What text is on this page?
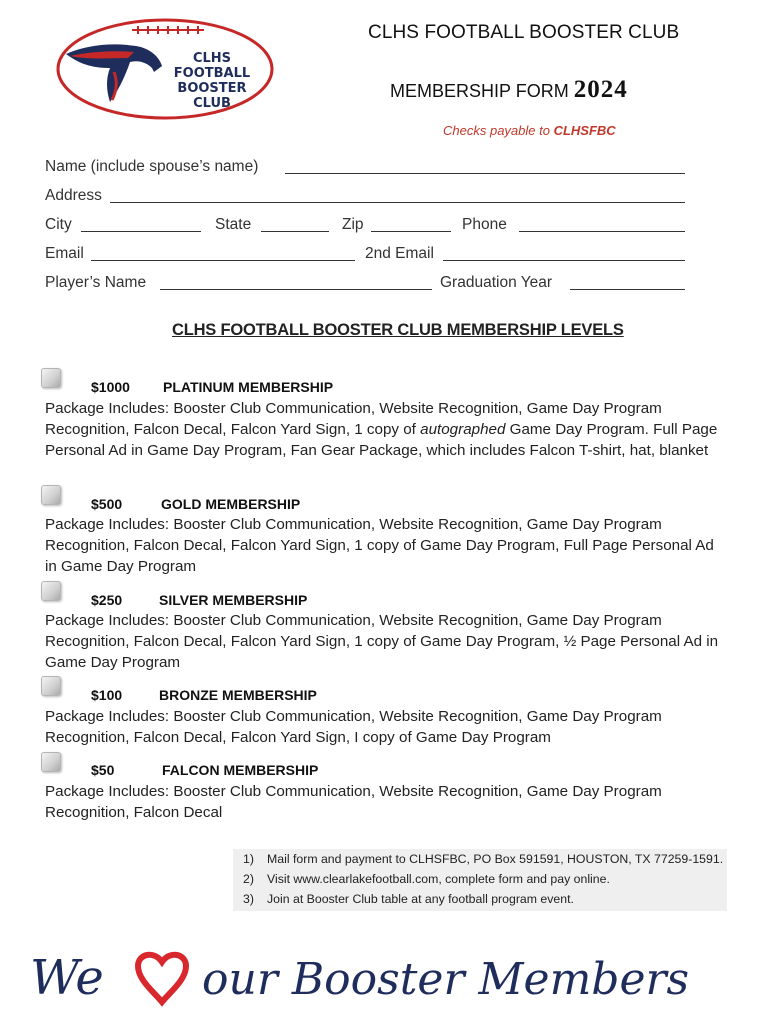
CLHS
FOOTBALL
BOOSTER
CLUB
CLHS FOOTBALL BOOSTER CLUB
MEMBERSHIP FORM 2024
Checks payable to CLHSFBC
Name (include spouse’s name)
Address
City	State	Zip	Phone
Email	2nd Email
Player’s Name	Graduation Year
CLHS FOOTBALL BOOSTER CLUB MEMBERSHIP LEVELS
$1000 PLATINUM MEMBERSHIP
Package Includes: Booster Club Communication, Website Recognition, Game Day Program Recognition, Falcon Decal, Falcon Yard Sign, 1 copy of autographed Game Day Program. Full Page Personal Ad in Game Day Program, Fan Gear Package, which includes Falcon T-shirt, hat, blanket
$500	GOLD MEMBERSHIP
Package Includes: Booster Club Communication, Website Recognition, Game Day Program Recognition, Falcon Decal, Falcon Yard Sign, 1 copy of Game Day Program, Full Page Personal Ad in Game Day Program
$250	SILVER MEMBERSHIP
Package Includes: Booster Club Communication, Website Recognition, Game Day Program Recognition, Falcon Decal, Falcon Yard Sign, 1 copy of Game Day Program, ½ Page Personal Ad in Game Day Program
$100	BRONZE MEMBERSHIP
Package Includes: Booster Club Communication, Website Recognition, Game Day Program Recognition, Falcon Decal, Falcon Yard Sign, I copy of Game Day Program
$50	FALCON MEMBERSHIP
Package Includes: Booster Club Communication, Website Recognition, Game Day Program Recognition, Falcon Decal
1) Mail form and payment to CLHSFBC, PO Box 591591, HOUSTON, TX 77259-1591.
2) Visit www.clearlakefootball.com, complete form and pay online.
3) Join at Booster Club table at any football program event.
We our Booster Members
